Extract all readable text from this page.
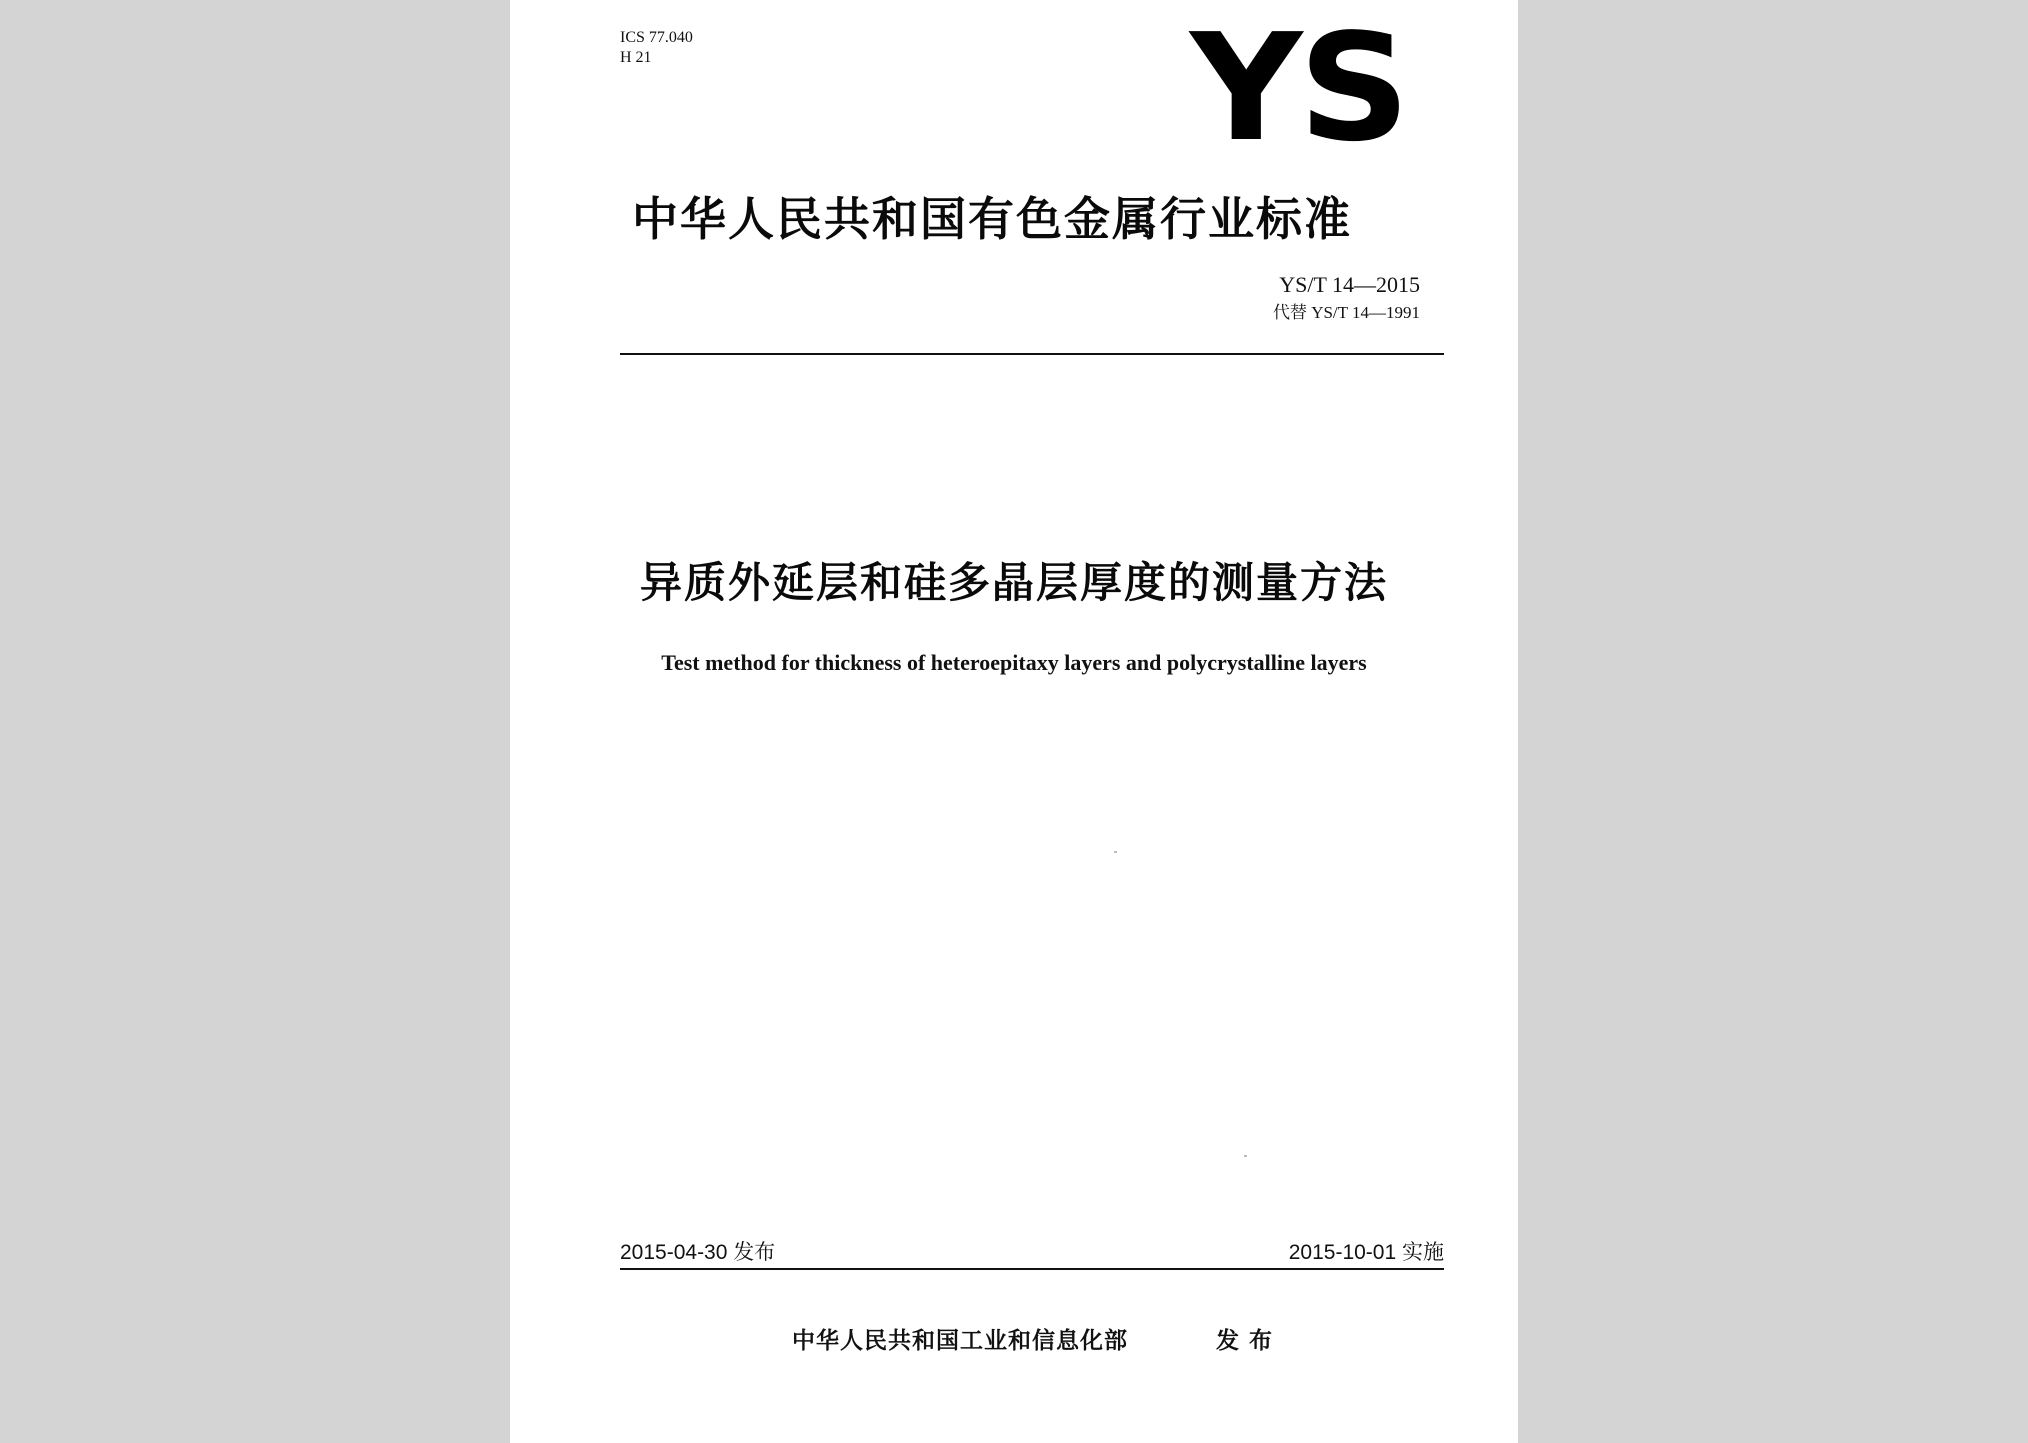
ICS 77.040
H 21	YS
中华人民共和国有色金属行业标准
YS/T 14—2015
代替 YS/T 14—1991
异质外延层和硅多晶层厚度的测量方法
Test method for thickness of heteroepitaxy layers and polycrystalline layers
2015-04-30 发布	2015-10-01 实施
中华人民共和国工业和信息化部	发布
